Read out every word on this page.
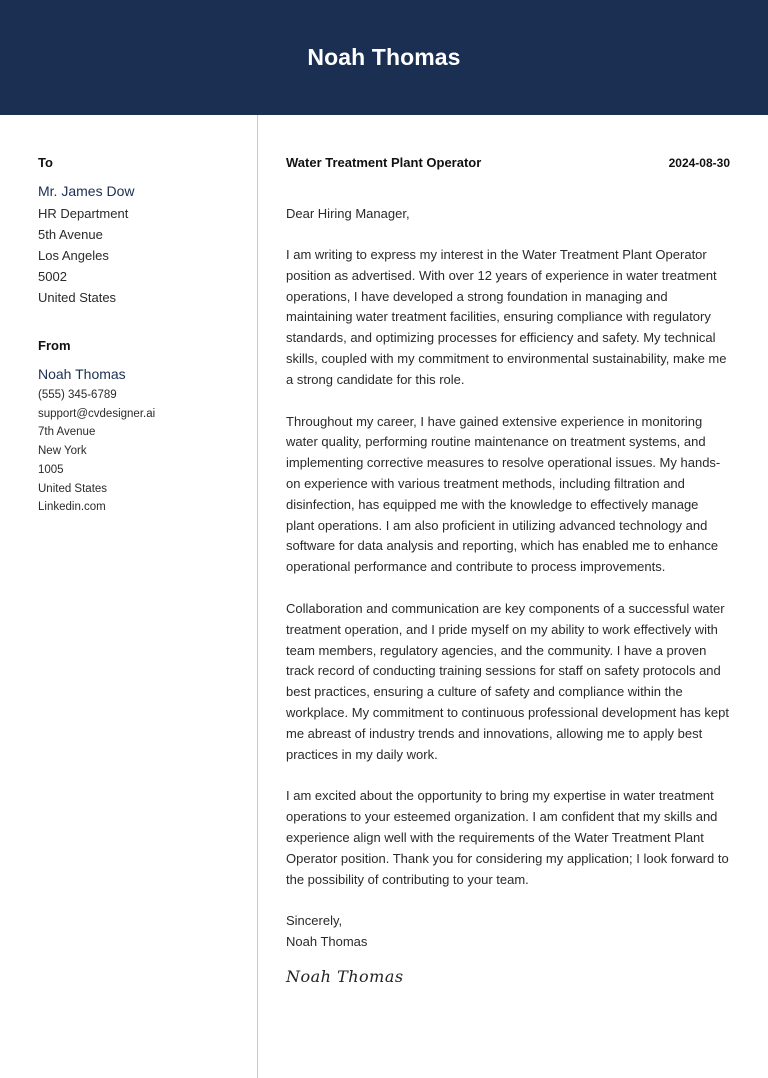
Noah Thomas
To
Mr. James Dow
HR Department
5th Avenue
Los Angeles
5002
United States
From
Noah Thomas
(555) 345-6789
support@cvdesigner.ai
7th Avenue
New York
1005
United States
Linkedin.com
Water Treatment Plant Operator	2024-08-30
Dear Hiring Manager,
I am writing to express my interest in the Water Treatment Plant Operator position as advertised. With over 12 years of experience in water treatment operations, I have developed a strong foundation in managing and maintaining water treatment facilities, ensuring compliance with regulatory standards, and optimizing processes for efficiency and safety. My technical skills, coupled with my commitment to environmental sustainability, make me a strong candidate for this role.
Throughout my career, I have gained extensive experience in monitoring water quality, performing routine maintenance on treatment systems, and implementing corrective measures to resolve operational issues. My hands-on experience with various treatment methods, including filtration and disinfection, has equipped me with the knowledge to effectively manage plant operations. I am also proficient in utilizing advanced technology and software for data analysis and reporting, which has enabled me to enhance operational performance and contribute to process improvements.
Collaboration and communication are key components of a successful water treatment operation, and I pride myself on my ability to work effectively with team members, regulatory agencies, and the community. I have a proven track record of conducting training sessions for staff on safety protocols and best practices, ensuring a culture of safety and compliance within the workplace. My commitment to continuous professional development has kept me abreast of industry trends and innovations, allowing me to apply best practices in my daily work.
I am excited about the opportunity to bring my expertise in water treatment operations to your esteemed organization. I am confident that my skills and experience align well with the requirements of the Water Treatment Plant Operator position. Thank you for considering my application; I look forward to the possibility of contributing to your team.
Sincerely,
Noah Thomas
Noah Thomas
